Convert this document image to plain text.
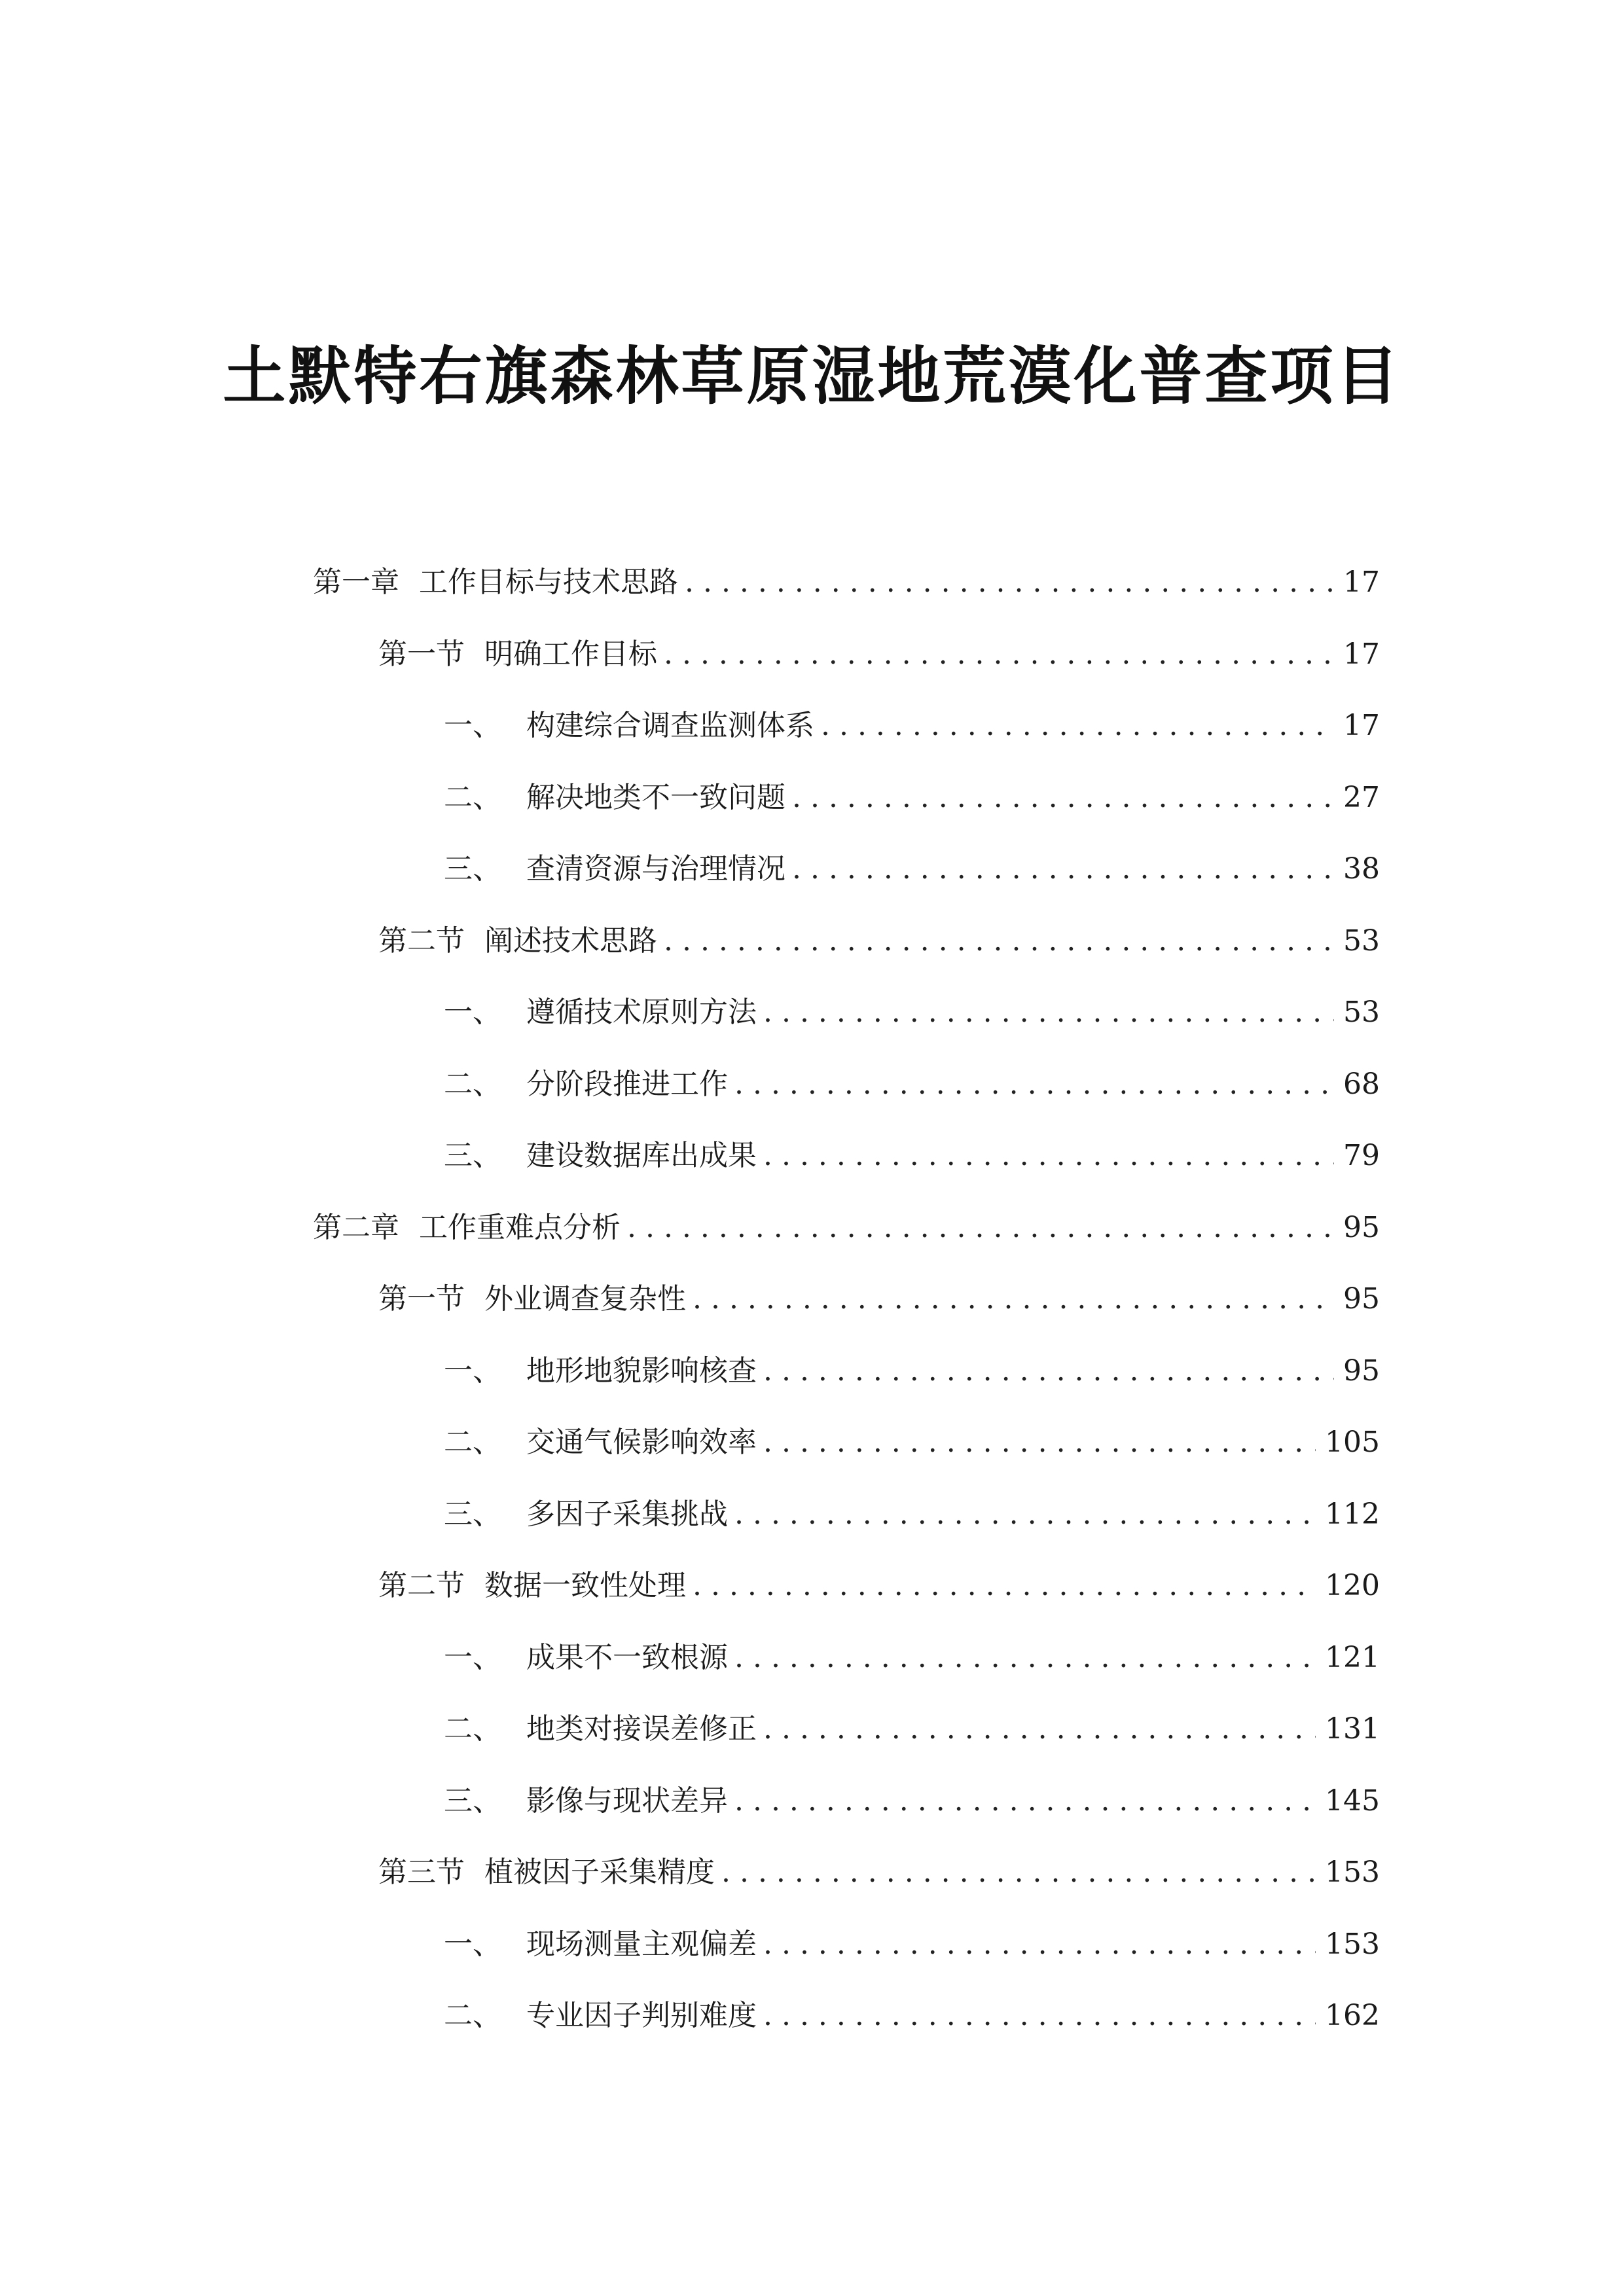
土默特右旗森林草原湿地荒漠化普查项目
第一章 工作目标与技术思路 . . .	17
第一节 明确工作目标 . . .	17
一、 构建综合调查监测体系 . . .	17
二、 解决地类不一致问题 . . .	27
三、 查清资源与治理情况 . . .	38
第二节 阐述技术思路 . . .	53
一、 遵循技术原则方法 . . .	53
二、 分阶段推进工作 . . .	68
三、 建设数据库出成果 . . .	79
第二章 工作重难点分析 . . .	95
第一节 外业调查复杂性 . . .	95
一、 地形地貌影响核查 . . .	95
二、 交通气候影响效率 . . .	105
三、 多因子采集挑战 . . .	112
第二节 数据一致性处理 . . .	120
一、 成果不一致根源 . . .	121
二、 地类对接误差修正 . . .	131
三、 影像与现状差异 . . .	145
第三节 植被因子采集精度 . . .	153
一、 现场测量主观偏差 . . .	153
二、 专业因子判别难度 . . .	162
